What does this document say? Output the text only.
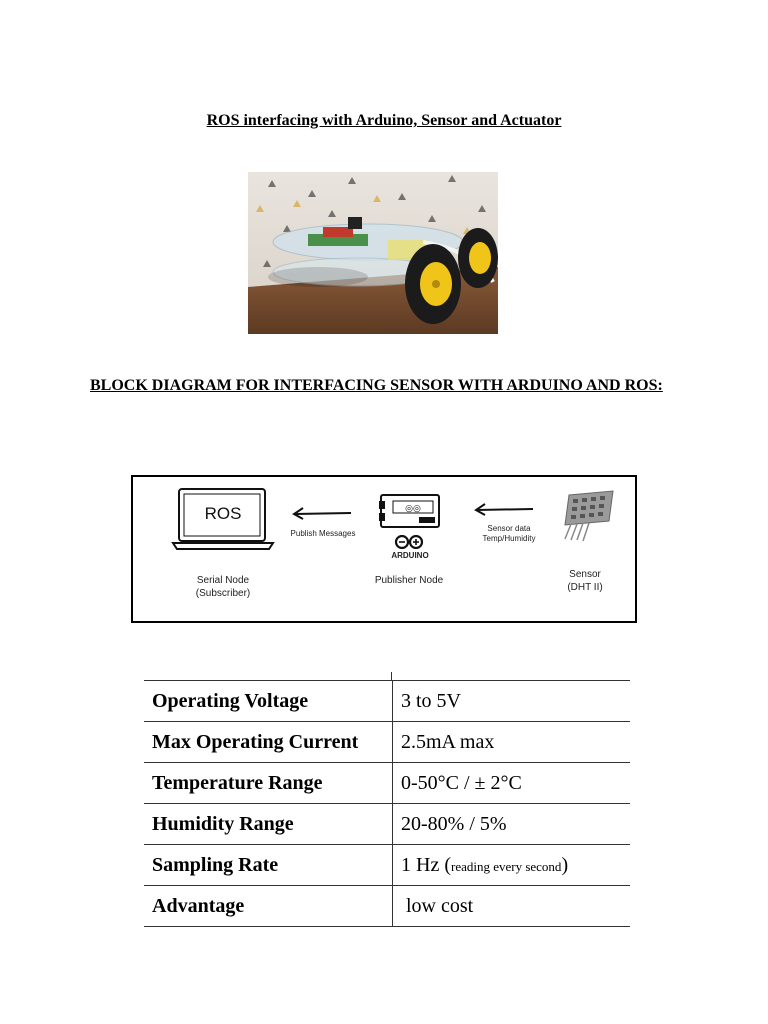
ROS interfacing with Arduino, Sensor and Actuator
BLOCK DIAGRAM FOR INTERFACING SENSOR WITH ARDUINO AND ROS:
ROS
Publish Messages
◎◎
ARDUINO
Sensor data
Temp/Humidity
Serial Node
(Subscriber)
Publisher Node
Sensor
(DHT II)
Operating Voltage	3 to 5V
Max Operating Current	2.5mA max
Temperature Range	0-50°C / ± 2°C
Humidity Range	20-80% / 5%
Sampling Rate	1 Hz (reading every second)
Advantage	low cost
